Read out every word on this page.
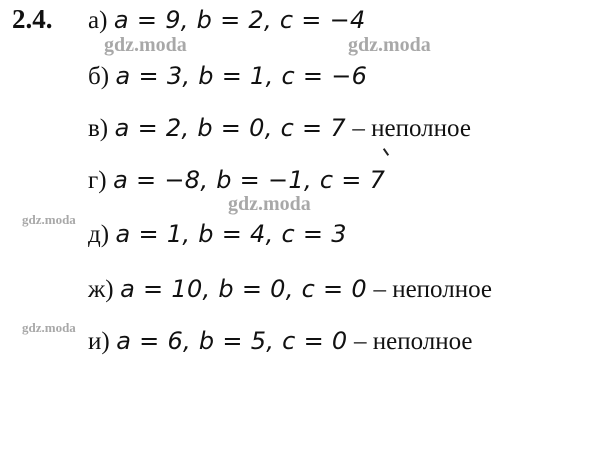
2.4. а) a = 9, b = 2, c = −4
б) a = 3, b = 1, c = −6
в) a = 2, b = 0, c = 7 – неполное
г) a = −8, b = −1, c = 7
д) a = 1, b = 4, c = 3
ж) a = 10, b = 0, c = 0 – неполное
и) a = 6, b = 5, c = 0 – неполное
gdz.moda	gdz.moda
gdz.moda
gdz.moda
gdz.moda
